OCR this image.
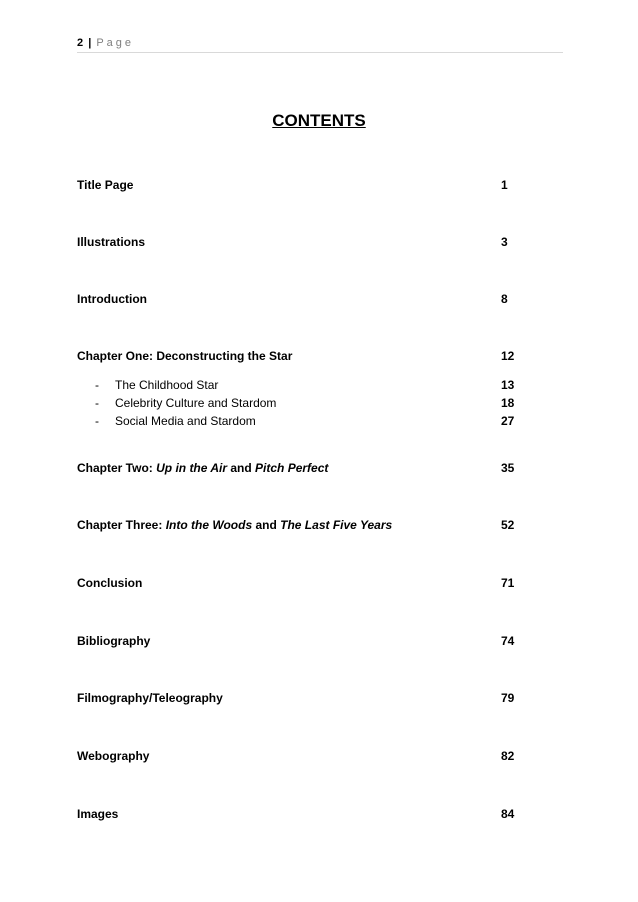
2 | Page
CONTENTS
Title Page	1
Illustrations	3
Introduction	8
Chapter One: Deconstructing the Star	12
- The Childhood Star	13
- Celebrity Culture and Stardom	18
- Social Media and Stardom	27
Chapter Two: Up in the Air and Pitch Perfect	35
Chapter Three: Into the Woods and The Last Five Years	52
Conclusion	71
Bibliography	74
Filmography/Teleography	79
Webography	82
Images	84
